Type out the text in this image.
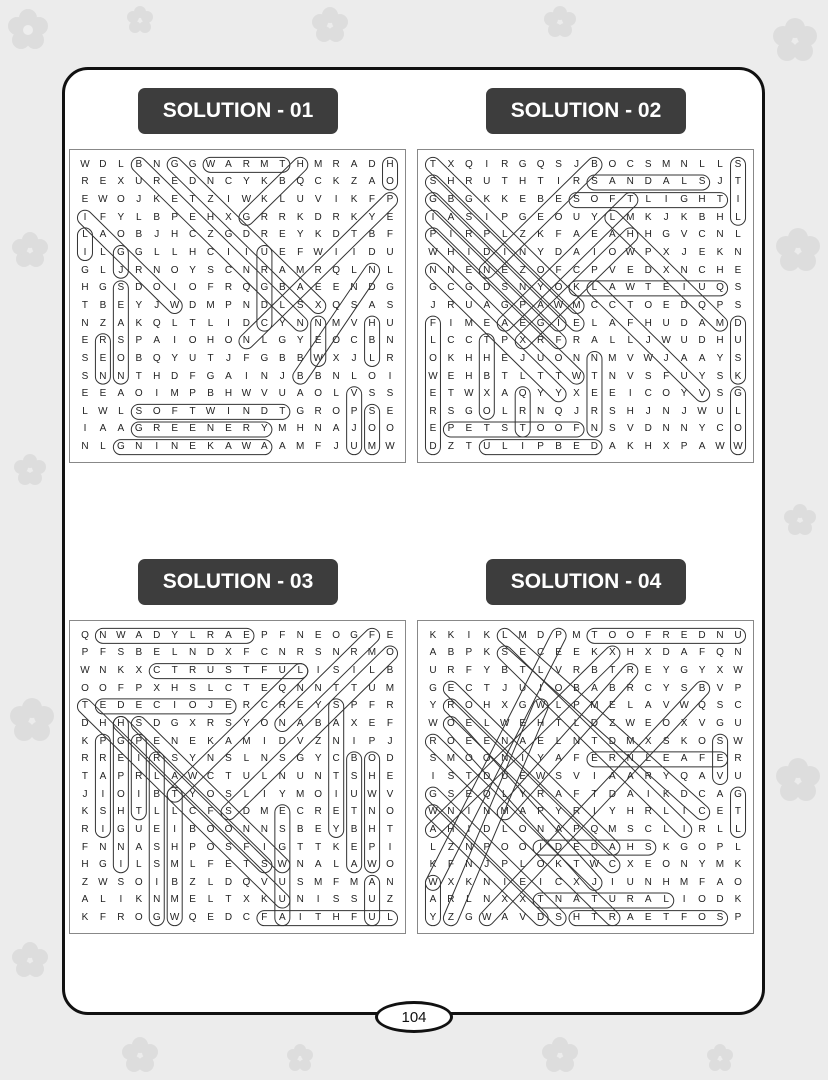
SOLUTION - 01	SOLUTION - 02
SOLUTION - 03	SOLUTION - 04
W	D	L	B	N	G	G	W	A	R	M	T	H	M	R	A	D	H
R	E	X	U	R	E	D	N	C	Y	K	B	Q	C	K	Z	A	O
E	W	O	J	K	E	T	Z	I	W	K	L	U	V	I	K	F	P
I	F	Y	L	B	P	E	H	X	G	R	R	K	D	R	K	Y	E
L	A	O	B	J	H	C	Z	G	D	R	E	Y	K	D	T	B	F
I	L	G	G	L	L	H	C	I	I	U	E	F	W	I	I	D	U
G	L	J	R	N	O	Y	S	C	N	R	A	M	R	Q	L	N	L
H	G	S	D	O	I	O	F	R	Q	G	B	A	E	E	N	D	G
T	B	E	Y	J	W	D	M	P	N	D	L	S	X	Q	S	A	S
N	Z	A	K	Q	L	T	L	I	D	C	Y	N	N	M	V	H	U
E	R	S	P	A	I	O	H	O	N	L	G	Y	E	O	C	B	N
S	E	O	B	Q	Y	U	T	J	F	G	B	B	W	X	J	L	R
S	N	N	T	H	D	F	G	A	I	N	J	B	B	N	L	O	I
E	E	A	O	I	M	P	B	H	W	V	U	A	O	L	V	S	S
L	W	L	S	O	F	T	W	I	N	D	T	G	R	O	P	S	E
I	A	A	G	R	E	E	N	E	R	Y	M	H	N	A	J	O	O
N	L	G	N	I	N	E	K	A	W	A	A	M	F	J	U	M	W
T	X	Q	I	R	G	Q	S	J	B	O	C	S	M	N	L	L	S
S	H	R	U	T	H	T	I	R	S	A	N	D	A	L	S	J	T
G	B	G	K	K	E	B	E	S	O	F	T	L	I	G	H	T	I
I	A	S	I	P	G	E	O	U	Y	L	M	K	J	K	B	H	L
P	I	R	P	L	Z	K	F	A	E	A	H	H	G	V	C	N	L
W	H	I	D	I	N	Y	D	A	I	O	W	P	X	J	E	K	N
N	N	E	N	E	Z	O	F	C	P	V	E	D	X	N	C	H	E
G	C	G	D	S	N	Y	O	K	L	A	W	T	E	I	U	Q	S
J	R	U	A	G	P	A	W	M	C	C	T	O	E	D	Q	P	S
F	I	M	E	A	E	G	I	E	L	A	F	H	U	D	A	M	D
L	C	C	T	P	X	R	F	R	A	L	L	J	W	U	D	H	U
O	K	H	H	E	J	U	O	N	N	M	V	W	J	A	A	Y	S
W	E	H	B	T	L	T	T	W	T	N	V	S	F	U	Y	S	K
E	T	W	X	A	Q	Y	Y	X	E	E	I	C	O	Y	V	S	G
R	S	G	O	L	R	N	Q	J	R	S	H	J	N	J	W	U	L
E	P	E	T	S	T	O	O	F	N	S	V	D	N	N	Y	C	O
D	Z	T	U	L	I	P	B	E	D	A	K	H	X	P	A	W	W
Q	N	W	A	D	Y	L	R	A	E	P	F	N	E	O	G	F	E
P	F	S	B	E	L	N	D	X	F	C	N	R	S	N	R	M	O
W	N	K	X	C	T	R	U	S	T	F	U	L	I	S	I	L	B
O	O	F	P	X	H	S	L	C	T	E	Q	N	N	T	T	U	M
T	E	D	E	C	I	O	J	E	R	C	R	E	Y	S	P	F	R
D	H	H	S	D	G	X	R	S	Y	O	N	A	B	A	X	E	F
K	P	G	P	E	N	E	K	A	M	I	D	V	Z	N	I	P	J
R	R	E	I	R	S	Y	N	S	L	N	S	G	Y	C	B	O	D
T	A	P	R	L	A	W	C	T	U	L	N	U	N	T	S	H	E
J	I	O	I	B	T	Y	O	S	L	I	Y	M	O	I	U	W	V
K	S	H	T	L	L	C	F	S	D	M	E	C	R	E	T	N	O
R	I	G	U	E	I	B	O	O	N	N	S	B	E	Y	B	H	T
F	N	N	A	S	H	P	O	S	F	I	G	T	T	K	E	P	I
H	G	I	L	S	M	L	F	E	T	S	W	N	A	L	A	W	O
Z	W	S	O	I	B	Z	L	D	Q	V	U	S	M	F	M	A	N
A	L	I	K	N	M	E	L	T	X	K	U	N	I	S	S	U	Z
K	F	R	O	G	W	Q	E	D	C	F	A	I	T	H	F	U	L
K	K	I	K	L	M	D	P	M	T	O	O	F	R	E	D	N	U
A	B	P	K	S	E	C	E	E	K	X	H	X	D	A	F	Q	N
U	R	F	Y	B	T	L	V	R	B	T	R	E	Y	G	Y	X	W
G	E	C	T	J	U	I	O	B	A	B	R	C	Y	S	B	V	P
Y	R	O	H	X	G	W	L	P	M	E	L	A	V	W	Q	S	C
W	O	E	L	W	E	H	T	L	D	Z	W	E	O	X	V	G	U
R	O	E	E	N	A	E	L	N	T	D	M	X	S	K	O	S	W
S	M	O	O	N	I	Y	A	F	E	R	N	L	E	A	F	E	R
I	S	T	D	U	E	W	S	V	I	A	A	R	Y	Q	A	V	U
G	S	E	Q	L	Y	R	A	F	T	D	A	I	K	D	C	A	G
W	N	I	N	M	A	P	Y	R	I	Y	H	R	L	I	C	E	T
A	H	I	D	L	O	N	A	P	Q	M	S	C	L	I	R	L	L
L	Z	N	P	O	O	I	D	E	D	A	H	S	K	G	O	P	L
K	F	N	J	P	L	O	K	T	W	C	X	E	O	N	Y	M	K
W	X	K	N	I	E	I	C	X	J	I	U	N	H	M	F	A	O
A	R	L	N	X	X	T	N	A	T	U	R	A	L	I	O	D	K
Y	Z	G	W	A	V	D	S	H	T	R	A	E	T	F	O	S	P
104
